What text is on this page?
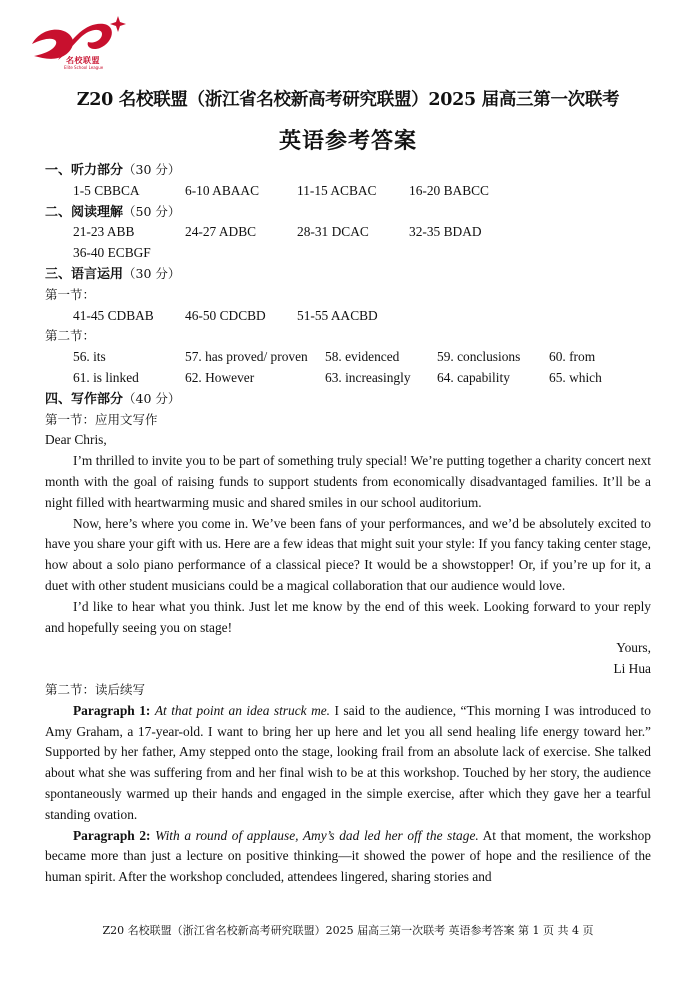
名校联盟
Elite School League
Z20 名校联盟（浙江省名校新高考研究联盟）2025 届高三第一次联考
英语参考答案
一、听力部分（30 分）
1-5 CBBCA	6-10 ABAAC	11-15 ACBAC 16-20 BABCC
二、阅读理解（50 分）
21-23 ABB	24-27 ADBC	28-31 DCAC	32-35 BDAD
36-40 ECBGF
三、语言运用（30 分）
第一节：
41-45 CDBAB 46-50 CDCBD 51-55 AACBD
第二节：
56. its	57. has proved/ proven 58. evidenced	59. conclusions 60. from
61. is linked	62. However	63. increasingly 64. capability	65. which
四、写作部分（40 分）
第一节：应用文写作
Dear Chris,

I’m thrilled to invite you to be part of something truly special! We’re putting together a charity concert next month with the goal of raising funds to support students from economically disadvantaged families. It’ll be a night filled with heartwarming music and shared smiles in our school auditorium.

Now, here’s where you come in. We’ve been fans of your performances, and we’d be absolutely excited to have you share your gift with us. Here are a few ideas that might suit your style: If you fancy taking center stage, how about a solo piano performance of a classical piece? It would be a showstopper! Or, if you’re up for it, a duet with other student musicians could be a magical collaboration that our audience would love.

I’d like to hear what you think. Just let me know by the end of this week. Looking forward to your reply and hopefully seeing you on stage!

Yours,
Li Hua
第二节：读后续写

Paragraph 1: At that point an idea struck me. I said to the audience, “This morning I was introduced to Amy Graham, a 17-year-old. I want to bring her up here and let you all send healing life energy toward her.” Supported by her father, Amy stepped onto the stage, looking frail from an absolute lack of exercise. She talked about what she was suffering from and her final wish to be at this workshop. Touched by her story, the audience spontaneously warmed up their hands and engaged in the simple exercise, after which they gave her a tearful standing ovation.

Paragraph 2: With a round of applause, Amy’s dad led her off the stage. At that moment, the workshop became more than just a lecture on positive thinking—it showed the power of hope and the resilience of the human spirit. After the workshop concluded, attendees lingered, sharing stories and

Z20 名校联盟（浙江省名校新高考研究联盟）2025 届高三第一次联考 英语参考答案 第 1 页 共 4 页
